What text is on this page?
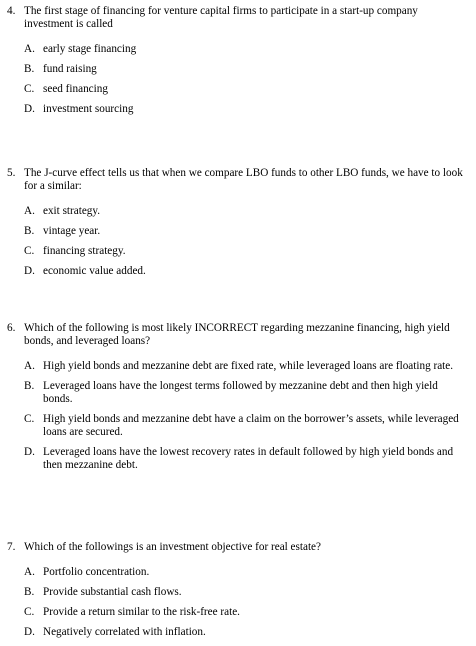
4. The first stage of financing for venture capital firms to participate in a start-up company investment is called
A. early stage financing
B. fund raising
C. seed financing
D. investment sourcing
5. The J-curve effect tells us that when we compare LBO funds to other LBO funds, we have to look for a similar:
A. exit strategy.
B. vintage year.
C. financing strategy.
D. economic value added.
6. Which of the following is most likely INCORRECT regarding mezzanine financing, high yield bonds, and leveraged loans?
A. High yield bonds and mezzanine debt are fixed rate, while leveraged loans are floating rate.
B. Leveraged loans have the longest terms followed by mezzanine debt and then high yield bonds.
C. High yield bonds and mezzanine debt have a claim on the borrower’s assets, while leveraged loans are secured.
D. Leveraged loans have the lowest recovery rates in default followed by high yield bonds and then mezzanine debt.
7. Which of the followings is an investment objective for real estate?
A. Portfolio concentration.
B. Provide substantial cash flows.
C. Provide a return similar to the risk-free rate.
D. Negatively correlated with inflation.
